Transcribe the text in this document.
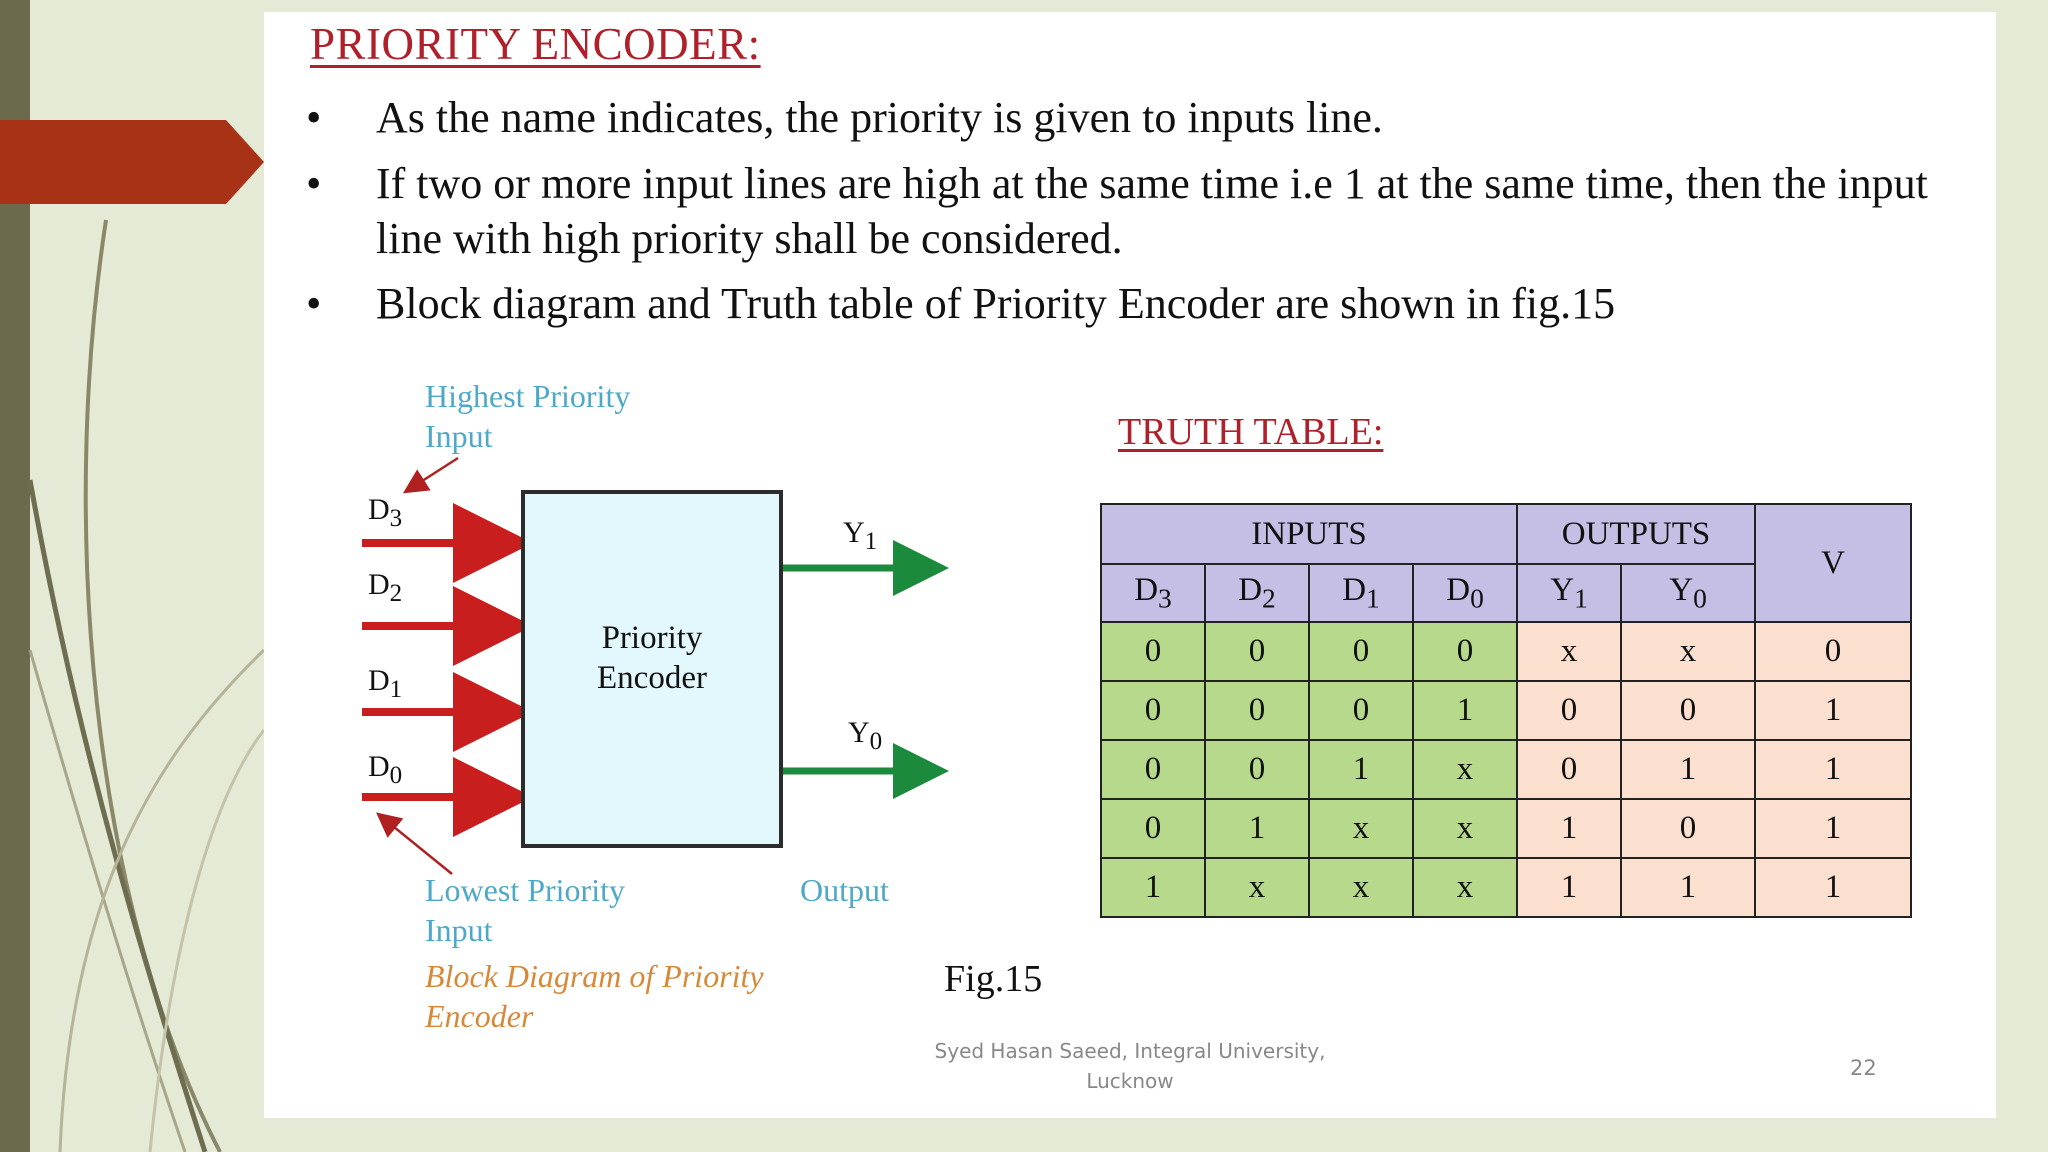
PRIORITY ENCODER:
• As the name indicates, the priority is given to inputs line.
• If two or more input lines are high at the same time i.e 1 at the same time, then the input line with high priority shall be considered.
• Block diagram and Truth table of Priority Encoder are shown in fig.15
Highest Priority
Input
Priority
Encoder
$D_3$
$D_2$
$D_1$
$D_0$
$Y_1$
$Y_0$
Lowest Priority
Input
Output
Block Diagram of Priority
Encoder
Fig.15
TRUTH TABLE:
INPUTS				OUTPUTS		V
$D_3$	$D_2$	$D_1$	$D_0$	$Y_1$	$Y_0$
0	0	0	0	x	x	0
0	0	0	1	0	0	1
0	0	1	x	0	1	1
0	1	x	x	1	0	1
1	x	x	x	1	1	1
Syed Hasan Saeed, Integral University,
Lucknow
22
